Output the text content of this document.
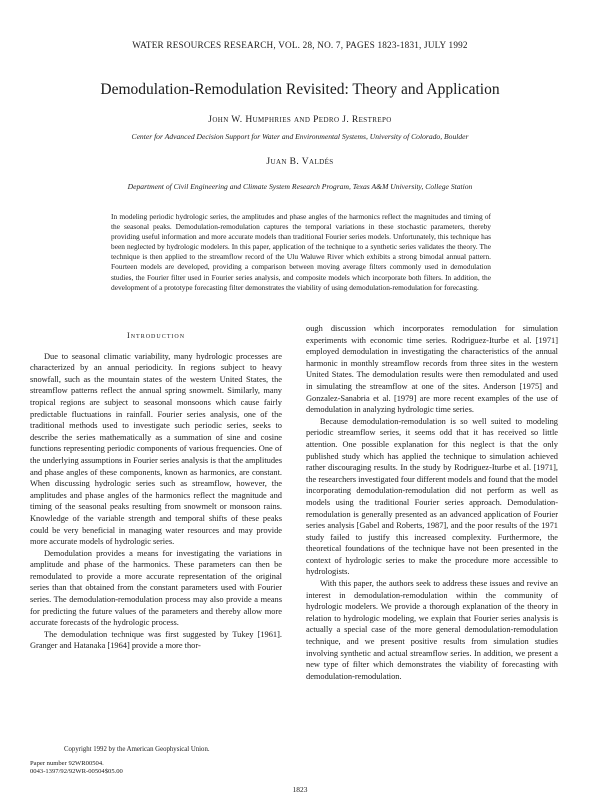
WATER RESOURCES RESEARCH, VOL. 28, NO. 7, PAGES 1823-1831, JULY 1992
Demodulation-Remodulation Revisited: Theory and Application
John W. Humphries and Pedro J. Restrepo
Center for Advanced Decision Support for Water and Environmental Systems, University of Colorado, Boulder
Juan B. Valdés
Department of Civil Engineering and Climate System Research Program, Texas A&M University, College Station
In modeling periodic hydrologic series, the amplitudes and phase angles of the harmonics reflect the magnitudes and timing of the seasonal peaks. Demodulation-remodulation captures the temporal variations in these stochastic parameters, thereby providing useful information and more accurate models than traditional Fourier series models. Unfortunately, this technique has been neglected by hydrologic modelers. In this paper, application of the technique to a synthetic series validates the theory. The technique is then applied to the streamflow record of the Ulu Waluwe River which exhibits a strong bimodal annual pattern. Fourteen models are developed, providing a comparison between moving average filters commonly used in demodulation studies, the Fourier filter used in Fourier series analysis, and composite models which incorporate both filters. In addition, the development of a prototype forecasting filter demonstrates the viability of using demodulation-remodulation for forecasting.
Introduction

Due to seasonal climatic variability, many hydrologic processes are characterized by an annual periodicity. In regions subject to heavy snowfall, such as the mountain states of the western United States, the streamflow patterns reflect the annual spring snowmelt. Similarly, many tropical regions are subject to seasonal monsoons which cause fairly predictable fluctuations in rainfall. Fourier series analysis, one of the traditional methods used to investigate such periodic series, seeks to describe the series mathematically as a summation of sine and cosine functions representing periodic components of various frequencies. One of the underlying assumptions in Fourier series analysis is that the amplitudes and phase angles of these components, known as harmonics, are constant. When discussing hydrologic series such as streamflow, however, the amplitudes and phase angles of the harmonics reflect the magnitude and timing of the seasonal peaks resulting from snowmelt or monsoon rains. Knowledge of the variable strength and temporal shifts of these peaks could be very beneficial in managing water resources and may provide more accurate models of hydrologic series.

Demodulation provides a means for investigating the variations in amplitude and phase of the harmonics. These parameters can then be remodulated to provide a more accurate representation of the original series than that obtained from the constant parameters used with Fourier series. The demodulation-remodulation process may also provide a means for predicting the future values of the parameters and thereby allow more accurate forecasts of the hydrologic process.

The demodulation technique was first suggested by Tukey [1961]. Granger and Hatanaka [1964] provide a more thor-

ough discussion which incorporates remodulation for simulation experiments with economic time series. Rodriguez-Iturbe et al. [1971] employed demodulation in investigating the characteristics of the annual harmonic in monthly streamflow records from three sites in the western United States. The demodulation results were then remodulated and used in simulating the streamflow at one of the sites. Anderson [1975] and Gonzalez-Sanabria et al. [1979] are more recent examples of the use of demodulation in analyzing hydrologic time series.

Because demodulation-remodulation is so well suited to modeling periodic streamflow series, it seems odd that it has received so little attention. One possible explanation for this neglect is that the only published study which has applied the technique to simulation achieved rather discouraging results. In the study by Rodriguez-Iturbe et al. [1971], the researchers investigated four different models and found that the model incorporating demodulation-remodulation did not perform as well as models using the traditional Fourier series approach. Demodulation-remodulation is generally presented as an advanced application of Fourier series analysis [Gabel and Roberts, 1987], and the poor results of the 1971 study failed to justify this increased complexity. Furthermore, the theoretical foundations of the technique have not been presented in the context of hydrologic series to make the procedure more accessible to hydrologists.

With this paper, the authors seek to address these issues and revive an interest in demodulation-remodulation within the community of hydrologic modelers. We provide a thorough explanation of the theory in relation to hydrologic modeling, we explain that Fourier series analysis is actually a special case of the more general demodulation-remodulation technique, and we present positive results from simulation studies involving synthetic and actual streamflow series. In addition, we present a new type of filter which demonstrates the viability of forecasting with demodulation-remodulation.

Copyright 1992 by the American Geophysical Union.
Paper number 92WR00504.
0043-1397/92/92WR-00504$05.00
1823
